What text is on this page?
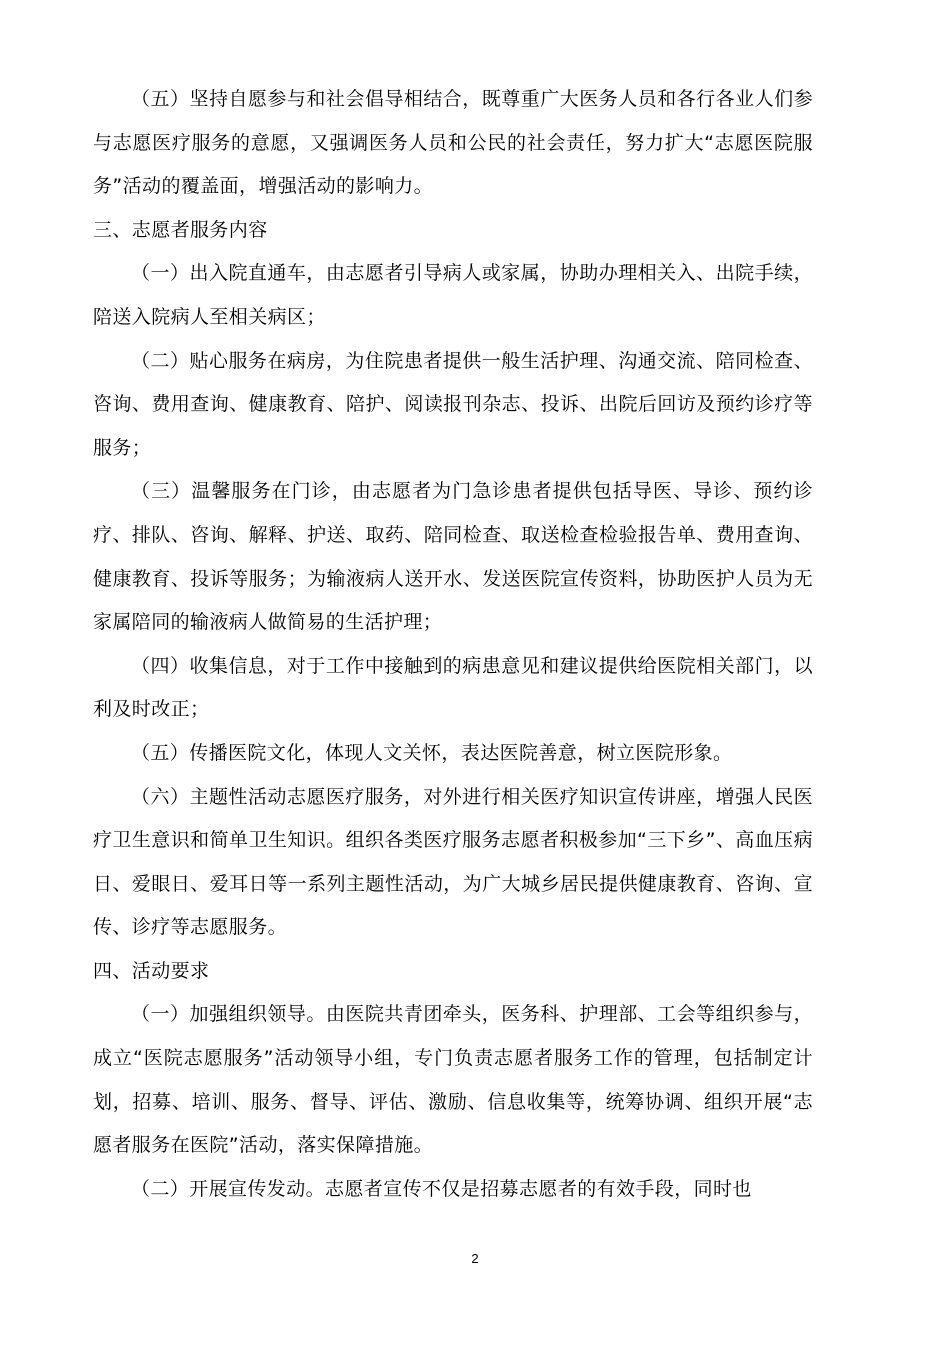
（五）坚持自愿参与和社会倡导相结合，既尊重广大医务人员和各行各业人们参与志愿医疗服务的意愿，又强调医务人员和公民的社会责任，努力扩大“志愿医院服务”活动的覆盖面，增强活动的影响力。

三、志愿者服务内容

（一）出入院直通车，由志愿者引导病人或家属，协助办理相关入、出院手续，陪送入院病人至相关病区；

（二）贴心服务在病房，为住院患者提供一般生活护理、沟通交流、陪同检查、咨询、费用查询、健康教育、陪护、阅读报刊杂志、投诉、出院后回访及预约诊疗等服务；

（三）温馨服务在门诊，由志愿者为门急诊患者提供包括导医、导诊、预约诊疗、排队、咨询、解释、护送、取药、陪同检查、取送检查检验报告单、费用查询、健康教育、投诉等服务；为输液病人送开水、发送医院宣传资料，协助医护人员为无家属陪同的输液病人做简易的生活护理；

（四）收集信息，对于工作中接触到的病患意见和建议提供给医院相关部门，以利及时改正；

（五）传播医院文化，体现人文关怀，表达医院善意，树立医院形象。

（六）主题性活动志愿医疗服务，对外进行相关医疗知识宣传讲座，增强人民医疗卫生意识和简单卫生知识。组织各类医疗服务志愿者积极参加“三下乡”、高血压病日、爱眼日、爱耳日等一系列主题性活动，为广大城乡居民提供健康教育、咨询、宣传、诊疗等志愿服务。

四、活动要求

（一）加强组织领导。由医院共青团牵头，医务科、护理部、工会等组织参与，成立“医院志愿服务”活动领导小组，专门负责志愿者服务工作的管理，包括制定计划，招募、培训、服务、督导、评估、激励、信息收集等，统筹协调、组织开展“志愿者服务在医院”活动，落实保障措施。

（二）开展宣传发动。志愿者宣传不仅是招募志愿者的有效手段，同时也

2
